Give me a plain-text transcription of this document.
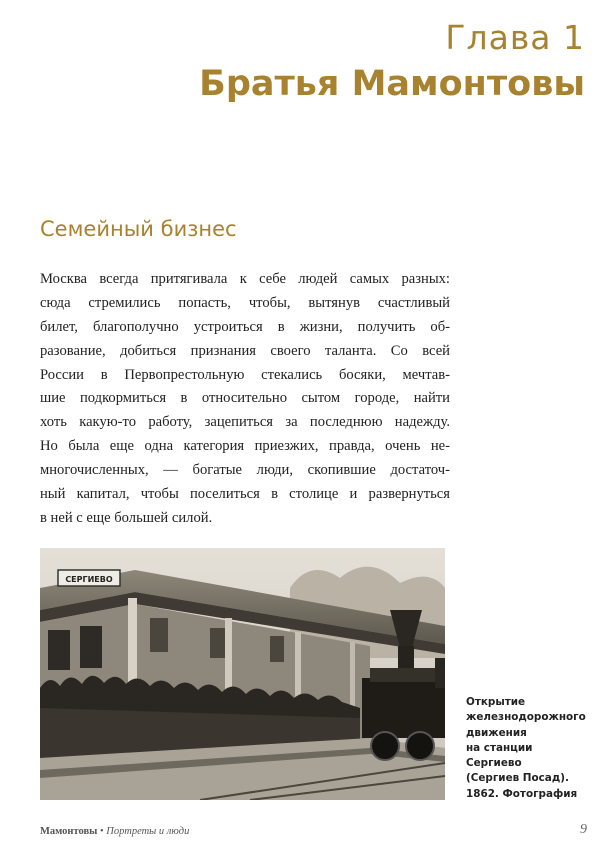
Глава 1
Братья Мамонтовы
Семейный бизнес
Москва всегда притягивала к себе людей самых разных:
сюда стремились попасть, чтобы, вытянув счастливый
билет, благополучно устроиться в жизни, получить об-
разование, добиться признания своего таланта. Со всей
России в Первопрестольную стекались босяки, мечтав-
шие подкормиться в относительно сытом городе, найти
хоть какую-то работу, зацепиться за последнюю надежду.
Но была еще одна категория приезжих, правда, очень не-
многочисленных, — богатые люди, скопившие достаточ-
ный капитал, чтобы поселиться в столице и развернуться
в ней с еще большей силой.
СЕРГИЕВО
Открытие
железнодорожного
движения
на станции
Сергиево
(Сергиев Посад).
1862. Фотография
Мамонтовы • Портреты и люди	9
